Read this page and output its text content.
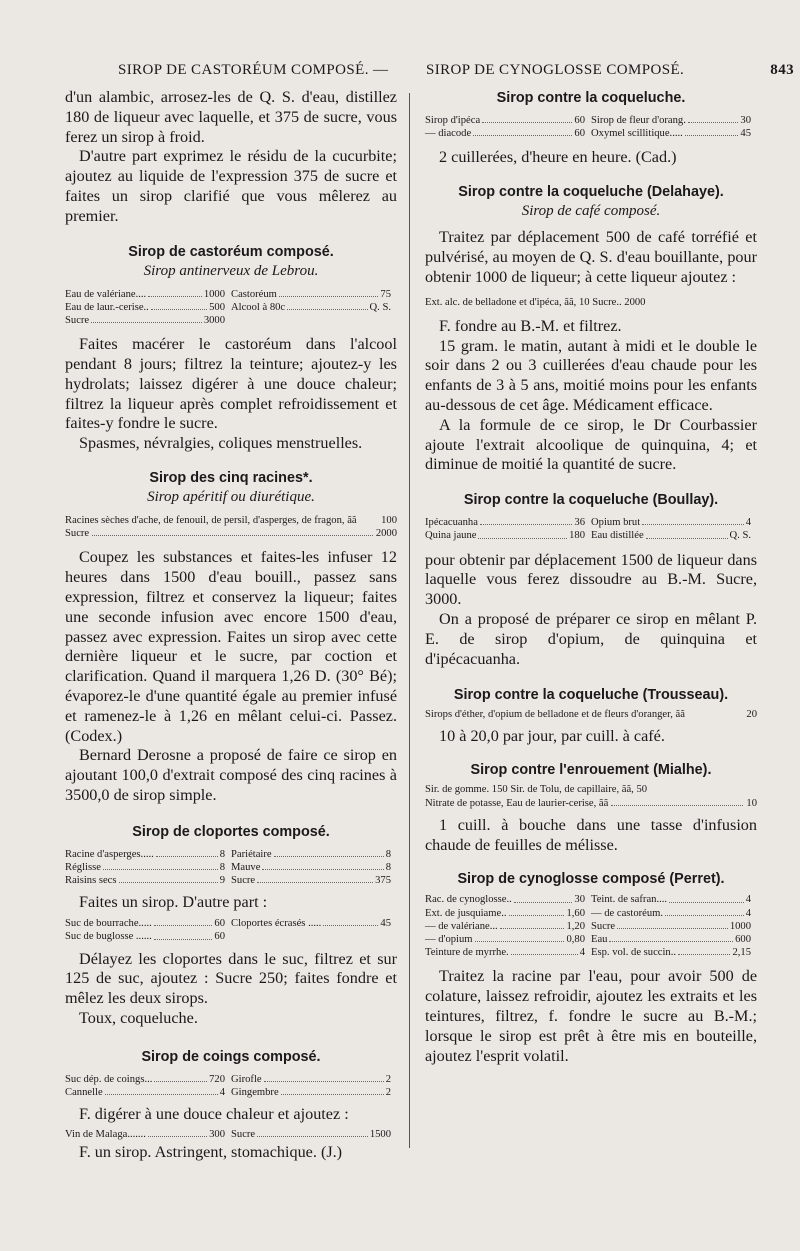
SIROP DE CASTORÉUM COMPOSÉ. —	SIROP DE CYNOGLOSSE COMPOSÉ.	843

d'un alambic, arrosez-les de Q. S. d'eau, distillez 180 de liqueur avec laquelle, et 375 de sucre, vous ferez un sirop à froid.

D'autre part exprimez le résidu de la cucurbite; ajoutez au liquide de l'expression 375 de sucre et faites un sirop clarifié que vous mêlerez au premier.

Sirop de castoréum composé.
Sirop antinerveux de Lebrou.
Eau de valériane....	1000 Castoréum	75
Eau de laur.-cerise..	500 Alcool à 80c	Q. S.
Sucre	3000

Faites macérer le castoréum dans l'alcool pendant 8 jours; filtrez la teinture; ajoutez-y les hydrolats; laissez digérer à une douce chaleur; filtrez la liqueur après complet refroidissement et faites-y fondre le sucre.

Spasmes, névralgies, coliques menstruelles.

Sirop des cinq racines*.
Sirop apéritif ou diurétique.
Racines sèches d'ache, de fenouil, de persil, d'asperges, de fragon, ãã	100
Sucre	2000

Coupez les substances et faites-les infuser 12 heures dans 1500 d'eau bouill., passez sans expression, filtrez et conservez la liqueur; faites une seconde infusion avec encore 1500 d'eau, passez avec expression. Faites un sirop avec cette dernière liqueur et le sucre, par coction et clarification. Quand il marquera 1,26 D. (30° Bé); évaporez-le d'une quantité égale au premier infusé et ramenez-le à 1,26 en mêlant celui-ci. Passez. (Codex.)

Bernard Derosne a proposé de faire ce sirop en ajoutant 100,0 d'extrait composé des cinq racines à 3500,0 de sirop simple.

Sirop de cloportes composé.
Racine d'asperges.....	8 Pariétaire	8
Réglisse	8 Mauve	8
Raisins secs	9 Sucre	375

Faites un sirop. D'autre part :

Suc de bourrache.....	60 Cloportes écrasés .....	45
Suc de buglosse ......	60

Délayez les cloportes dans le suc, filtrez et sur 125 de suc, ajoutez : Sucre 250; faites fondre et mêlez les deux sirops.

Toux, coqueluche.

Sirop de coings composé.
Suc dép. de coings...	720 Girofle	2
Cannelle	4 Gingembre	2

F. digérer à une douce chaleur et ajoutez :

Vin de Malaga.......	300 Sucre	1500

F. un sirop. Astringent, stomachique. (J.)

Sirop contre la coqueluche.
Sirop d'ipéca	60 Sirop de fleur d'orang.	30
— diacode	60 Oxymel scillitique.....	45

2 cuillerées, d'heure en heure. (Cad.)

Sirop contre la coqueluche (Delahaye).
Sirop de café composé.

Traitez par déplacement 500 de café torréfié et pulvérisé, au moyen de Q. S. d'eau bouillante, pour obtenir 1000 de liqueur; à cette liqueur ajoutez :

Ext. alc. de belladone et d'ipéca, ãã, 10 Sucre.. 2000

F. fondre au B.-M. et filtrez.

15 gram. le matin, autant à midi et le double le soir dans 2 ou 3 cuillerées d'eau chaude pour les enfants de 3 à 5 ans, moitié moins pour les enfants au-dessous de cet âge. Médicament efficace.

A la formule de ce sirop, le Dr Courbassier ajoute l'extrait alcoolique de quinquina, 4; et diminue de moitié la quantité de sucre.

Sirop contre la coqueluche (Boullay).
Ipécacuanha	36 Opium brut	4
Quina jaune	180 Eau distillée	Q. S.

pour obtenir par déplacement 1500 de liqueur dans laquelle vous ferez dissoudre au B.-M. Sucre, 3000.

On a proposé de préparer ce sirop en mêlant P. E. de sirop d'opium, de quinquina et d'ipécacuanha.

Sirop contre la coqueluche (Trousseau).
Sirops d'éther, d'opium de belladone et de fleurs d'oranger, ãã	20

10 à 20,0 par jour, par cuill. à café.

Sirop contre l'enrouement (Mialhe).
Sir. de gomme. 150 Sir. de Tolu, de capillaire, ãã, 50
Nitrate de potasse, Eau de laurier-cerise, ãã	10

1 cuill. à bouche dans une tasse d'infusion chaude de feuilles de mélisse.

Sirop de cynoglosse composé (Perret).
Rac. de cynoglosse..	30 Teint. de safran....	4
Ext. de jusquiame..	1,60 — de castoréum.	4
— de valériane...	1,20 Sucre	1000
— d'opium	0,80 Eau	600
Teinture de myrrhe.	4 Esp. vol. de succin..	2,15

Traitez la racine par l'eau, pour avoir 500 de colature, laissez refroidir, ajoutez les extraits et les teintures, filtrez, f. fondre le sucre au B.-M.; lorsque le sirop est prêt à être mis en bouteille, ajoutez l'esprit volatil.
